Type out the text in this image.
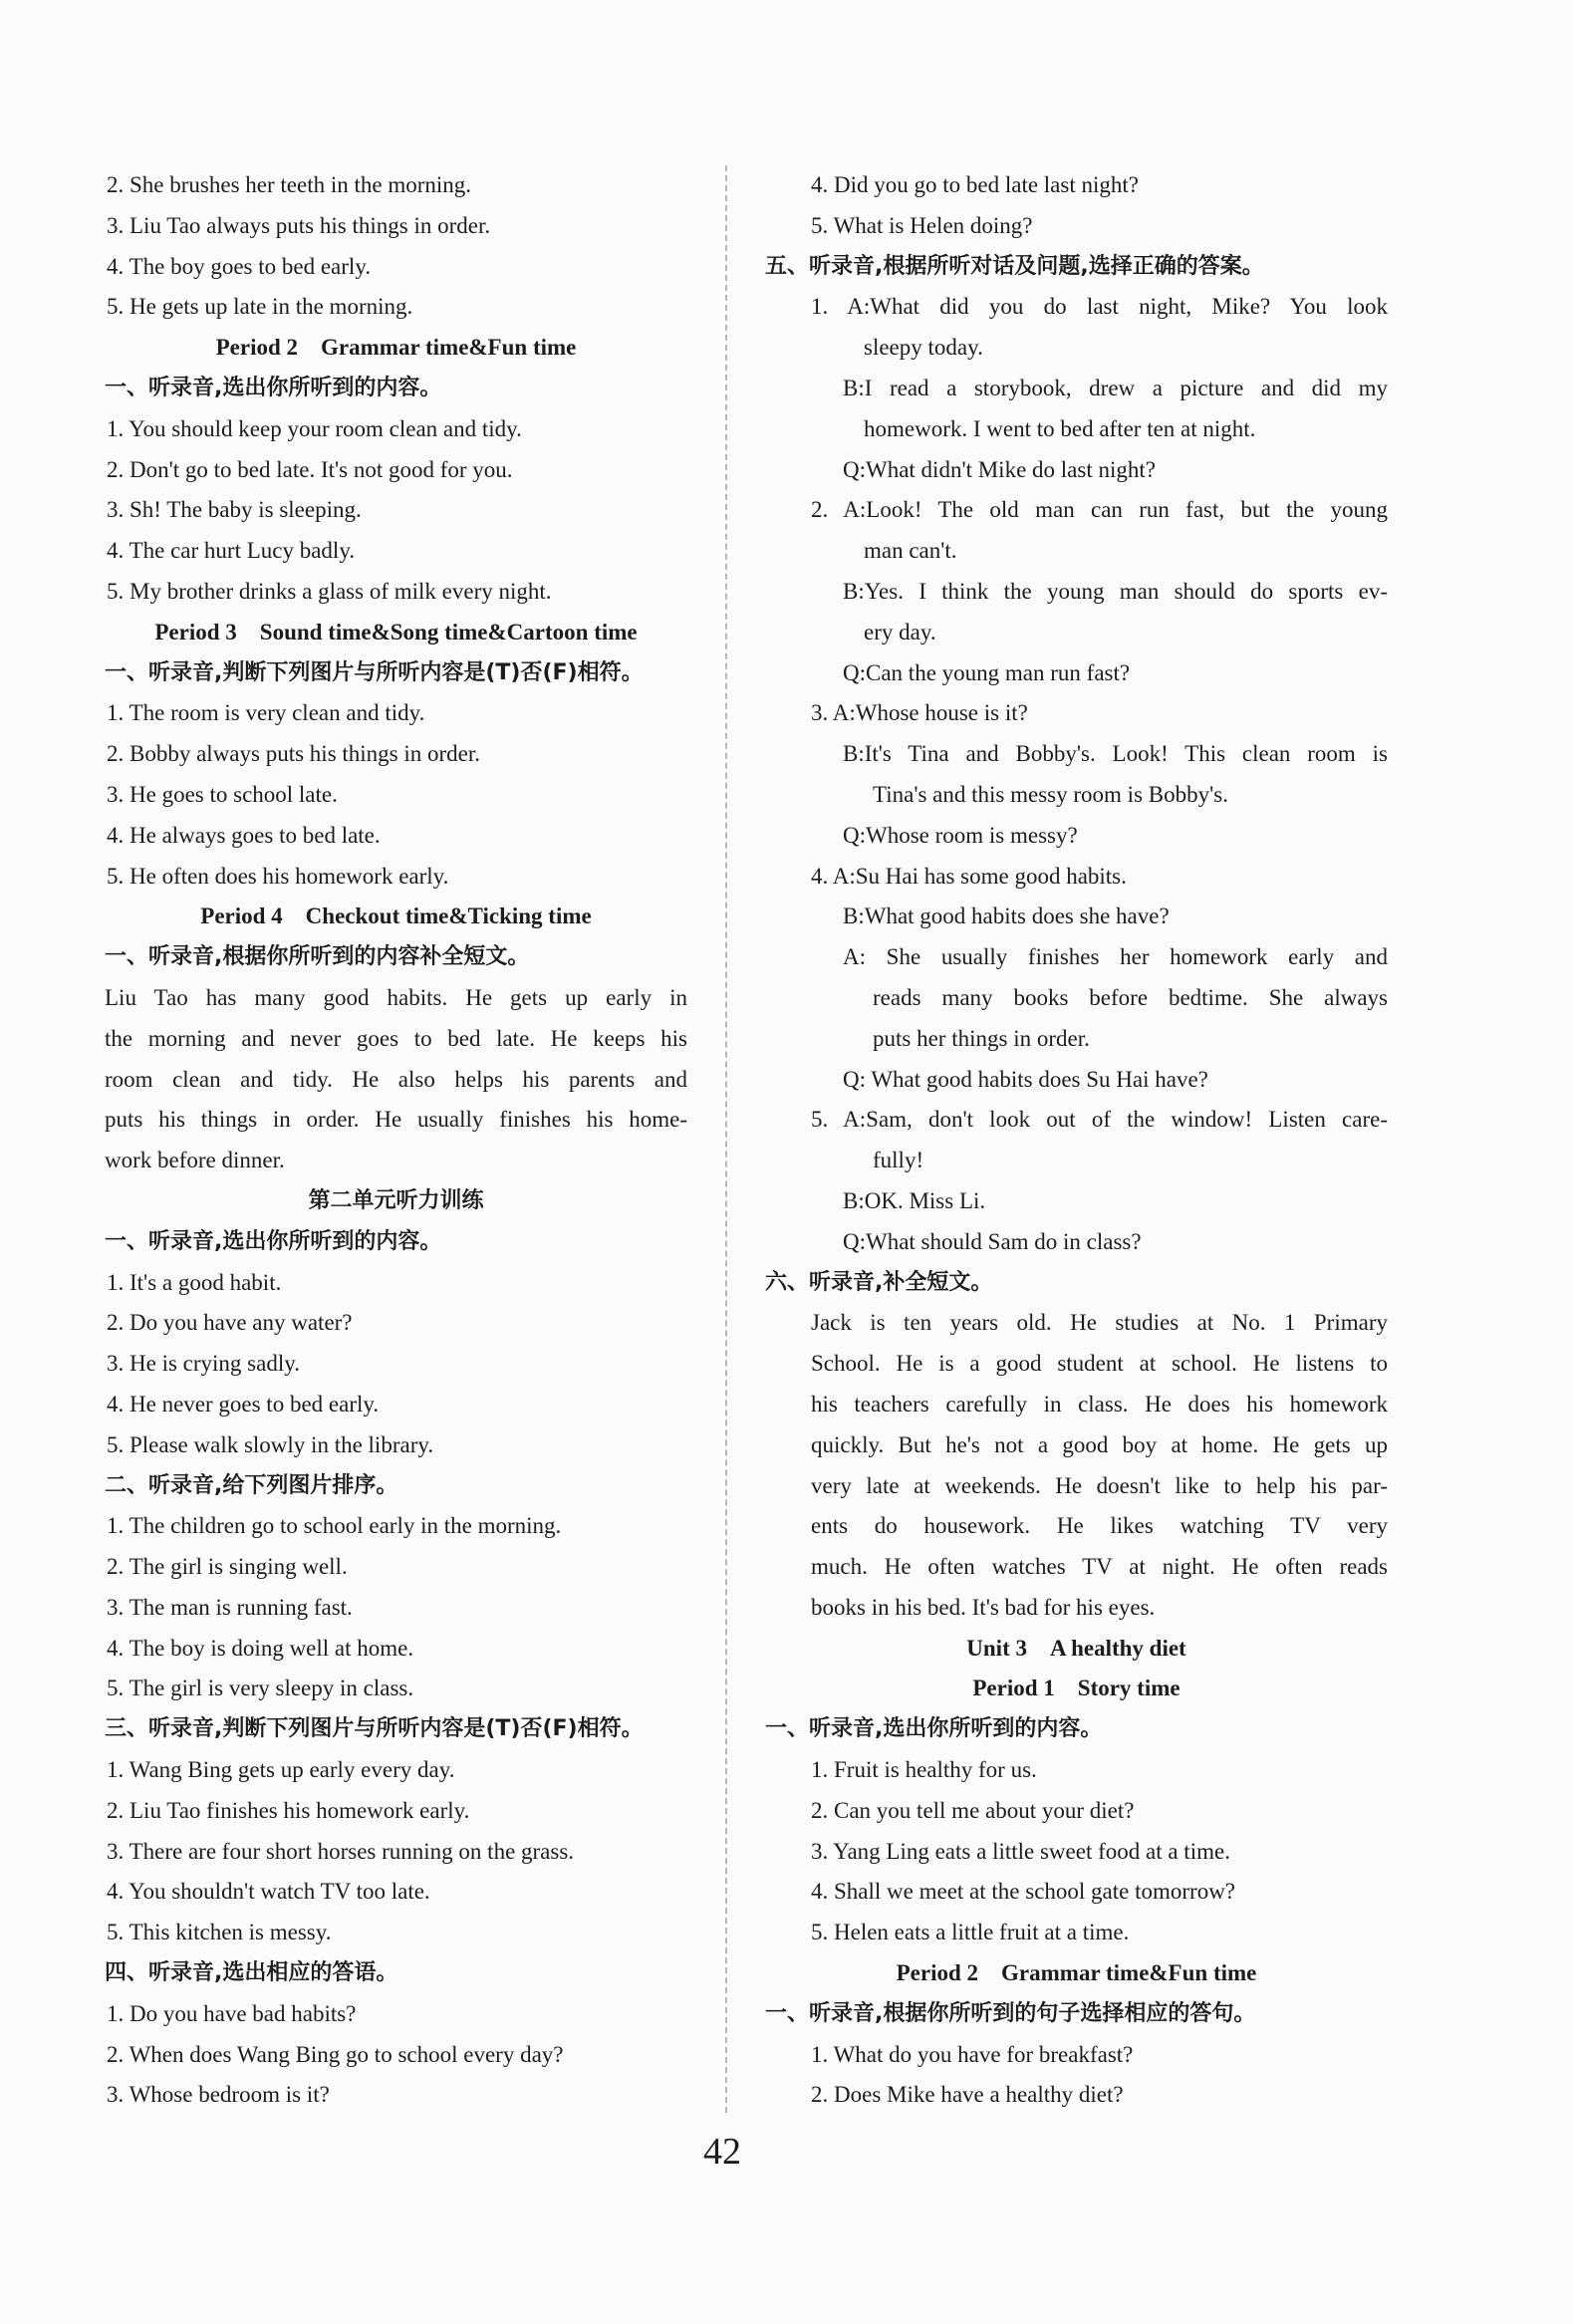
2. She brushes her teeth in the morning.
3. Liu Tao always puts his things in order.
4. The boy goes to bed early.
5. He gets up late in the morning.
Period 2　Grammar time&Fun time
一、听录音,选出你所听到的内容。
1. You should keep your room clean and tidy.
2. Don't go to bed late. It's not good for you.
3. Sh! The baby is sleeping.
4. The car hurt Lucy badly.
5. My brother drinks a glass of milk every night.
Period 3　Sound time&Song time&Cartoon time
一、听录音,判断下列图片与所听内容是(T)否(F)相符。
1. The room is very clean and tidy.
2. Bobby always puts his things in order.
3. He goes to school late.
4. He always goes to bed late.
5. He often does his homework early.
Period 4　Checkout time&Ticking time
一、听录音,根据你所听到的内容补全短文。
Liu Tao has many good habits. He gets up early in
the morning and never goes to bed late. He keeps his
room clean and tidy. He also helps his parents and
puts his things in order. He usually finishes his home-
work before dinner.
第二单元听力训练
一、听录音,选出你所听到的内容。
1. It's a good habit.
2. Do you have any water?
3. He is crying sadly.
4. He never goes to bed early.
5. Please walk slowly in the library.
二、听录音,给下列图片排序。
1. The children go to school early in the morning.
2. The girl is singing well.
3. The man is running fast.
4. The boy is doing well at home.
5. The girl is very sleepy in class.
三、听录音,判断下列图片与所听内容是(T)否(F)相符。
1. Wang Bing gets up early every day.
2. Liu Tao finishes his homework early.
3. There are four short horses running on the grass.
4. You shouldn't watch TV too late.
5. This kitchen is messy.
四、听录音,选出相应的答语。
1. Do you have bad habits?
2. When does Wang Bing go to school every day?
3. Whose bedroom is it?
4. Did you go to bed late last night?
5. What is Helen doing?
五、听录音,根据所听对话及问题,选择正确的答案。
1. A:What did you do last night, Mike? You look
sleepy today.
B:I read a storybook, drew a picture and did my
homework. I went to bed after ten at night.
Q:What didn't Mike do last night?
2. A:Look! The old man can run fast, but the young
man can't.
B:Yes. I think the young man should do sports ev-
ery day.
Q:Can the young man run fast?
3. A:Whose house is it?
B:It's Tina and Bobby's. Look! This clean room is
Tina's and this messy room is Bobby's.
Q:Whose room is messy?
4. A:Su Hai has some good habits.
B:What good habits does she have?
A: She usually finishes her homework early and
reads many books before bedtime. She always
puts her things in order.
Q: What good habits does Su Hai have?
5. A:Sam, don't look out of the window! Listen care-
fully!
B:OK. Miss Li.
Q:What should Sam do in class?
六、听录音,补全短文。
Jack is ten years old. He studies at No. 1 Primary
School. He is a good student at school. He listens to
his teachers carefully in class. He does his homework
quickly. But he's not a good boy at home. He gets up
very late at weekends. He doesn't like to help his par-
ents do housework. He likes watching TV very
much. He often watches TV at night. He often reads
books in his bed. It's bad for his eyes.
Unit 3　A healthy diet
Period 1　Story time
一、听录音,选出你所听到的内容。
1. Fruit is healthy for us.
2. Can you tell me about your diet?
3. Yang Ling eats a little sweet food at a time.
4. Shall we meet at the school gate tomorrow?
5. Helen eats a little fruit at a time.
Period 2　Grammar time&Fun time
一、听录音,根据你所听到的句子选择相应的答句。
1. What do you have for breakfast?
2. Does Mike have a healthy diet?
42
